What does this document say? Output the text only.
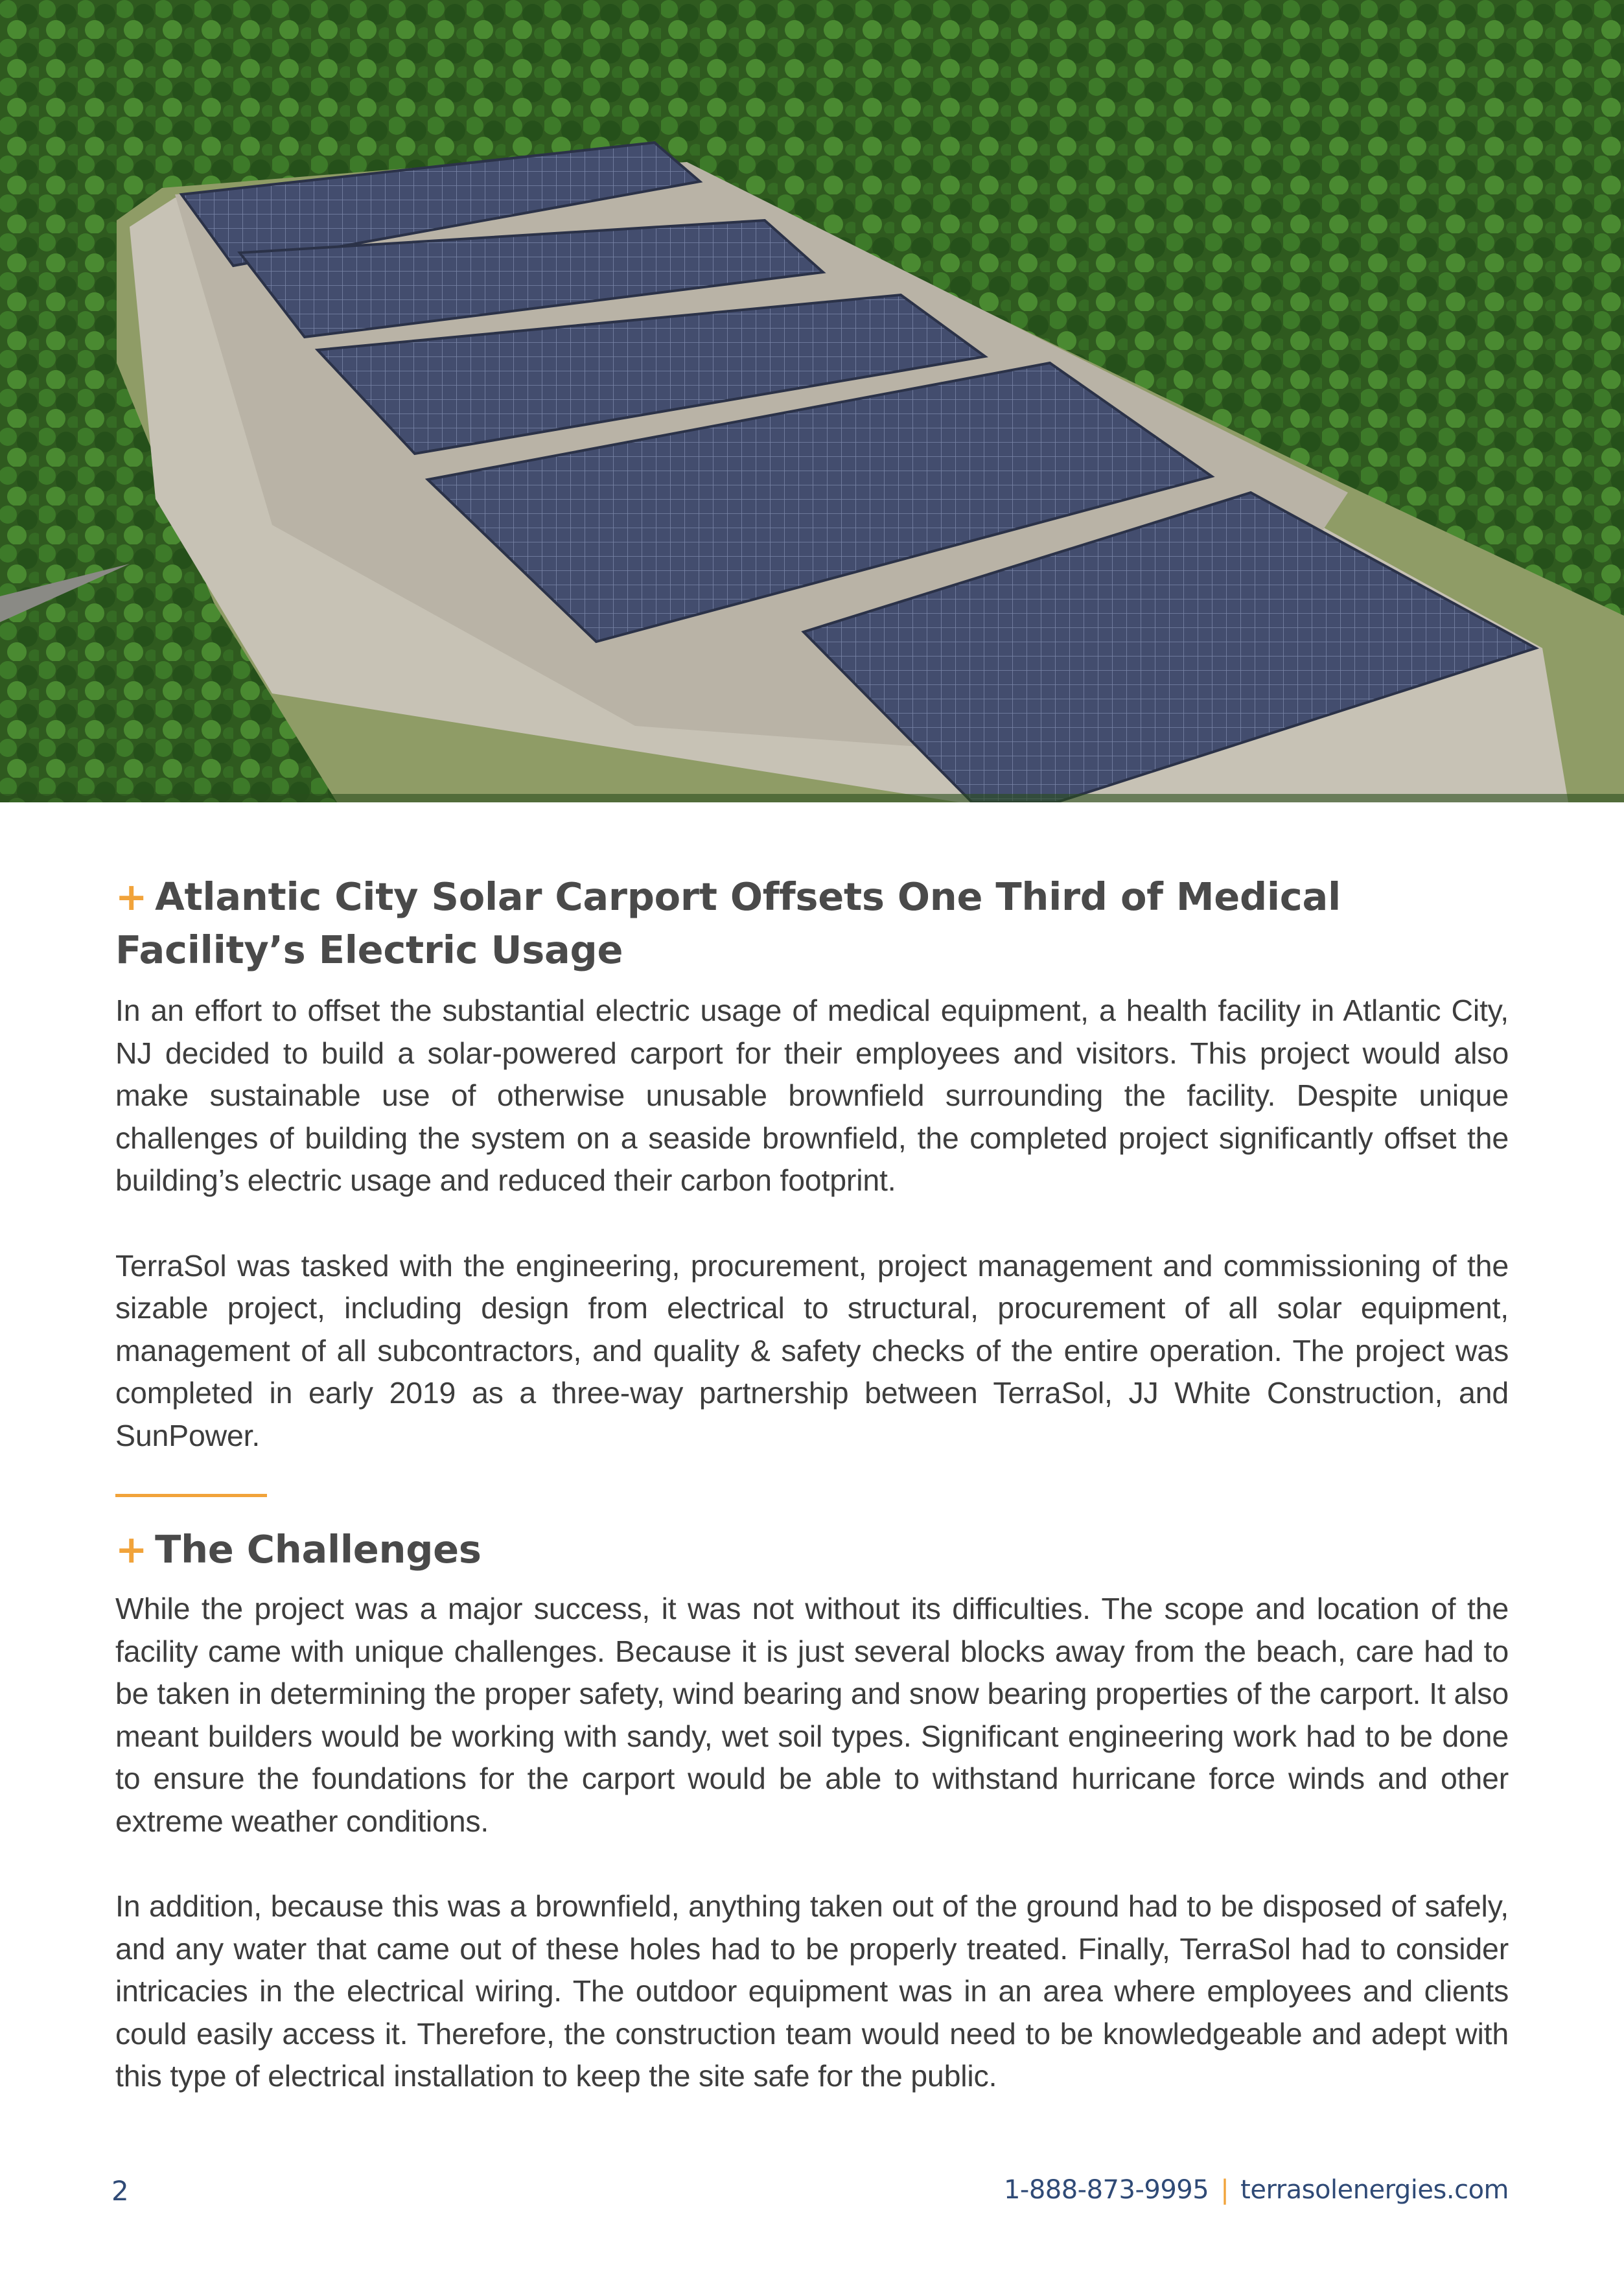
+ Atlantic City Solar Carport Offsets One Third of Medical Facility’s Electric Usage

In an effort to offset the substantial electric usage of medical equipment, a health facility in Atlantic City, NJ decided to build a solar-powered carport for their employees and visitors. This project would also make sustainable use of otherwise unusable brownfield surrounding the facility. Despite unique challenges of building the system on a seaside brownfield, the completed project significantly offset the building’s electric usage and reduced their carbon footprint.

TerraSol was tasked with the engineering, procurement, project management and commissioning of the sizable project, including design from electrical to structural, procurement of all solar equipment, management of all subcontractors, and quality & safety checks of the entire operation. The project was completed in early 2019 as a three-way partnership between TerraSol, JJ White Construction, and SunPower.

+ The Challenges

While the project was a major success, it was not without its difficulties. The scope and location of the facility came with unique challenges. Because it is just several blocks away from the beach, care had to be taken in determining the proper safety, wind bearing and snow bearing properties of the carport. It also meant builders would be working with sandy, wet soil types. Significant engineering work had to be done to ensure the foundations for the carport would be able to withstand hurricane force winds and other extreme weather conditions.

In addition, because this was a brownfield, anything taken out of the ground had to be disposed of safely, and any water that came out of these holes had to be properly treated. Finally, TerraSol had to consider intricacies in the electrical wiring. The outdoor equipment was in an area where employees and clients could easily access it. Therefore, the construction team would need to be knowledgeable and adept with this type of electrical installation to keep the site safe for the public.

2	1-888-873-9995 | terrasolenergies.com
